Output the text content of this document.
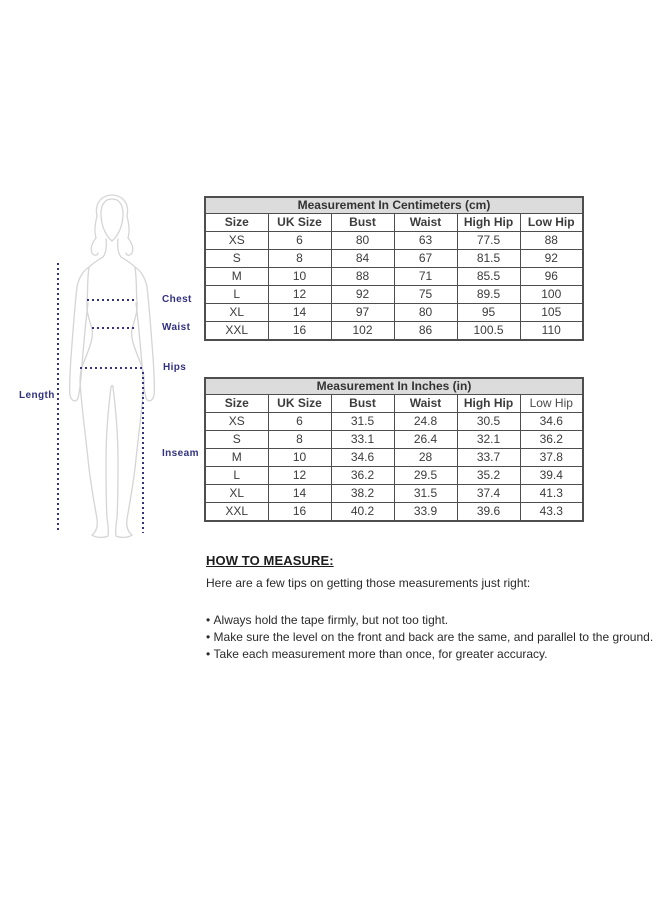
Chest
Waist
Hips
Length
Inseam
Measurement In Centimeters (cm)					
Size	UK Size	Bust	Waist	High Hip	Low Hip
XS	6	80	63	77.5	88
S	8	84	67	81.5	92
M	10	88	71	85.5	96
L	12	92	75	89.5	100
XL	14	97	80	95	105
XXL	16	102	86	100.5	110
Measurement In Inches (in)					
Size	UK Size	Bust	Waist	High Hip	Low Hip
XS	6	31.5	24.8	30.5	34.6
S	8	33.1	26.4	32.1	36.2
M	10	34.6	28	33.7	37.8
L	12	36.2	29.5	35.2	39.4
XL	14	38.2	31.5	37.4	41.3
XXL	16	40.2	33.9	39.6	43.3
HOW TO MEASURE:

Here are a few tips on getting those measurements just right:

• Always hold the tape firmly, but not too tight.
• Make sure the level on the front and back are the same, and parallel to the ground.
• Take each measurement more than once, for greater accuracy.
